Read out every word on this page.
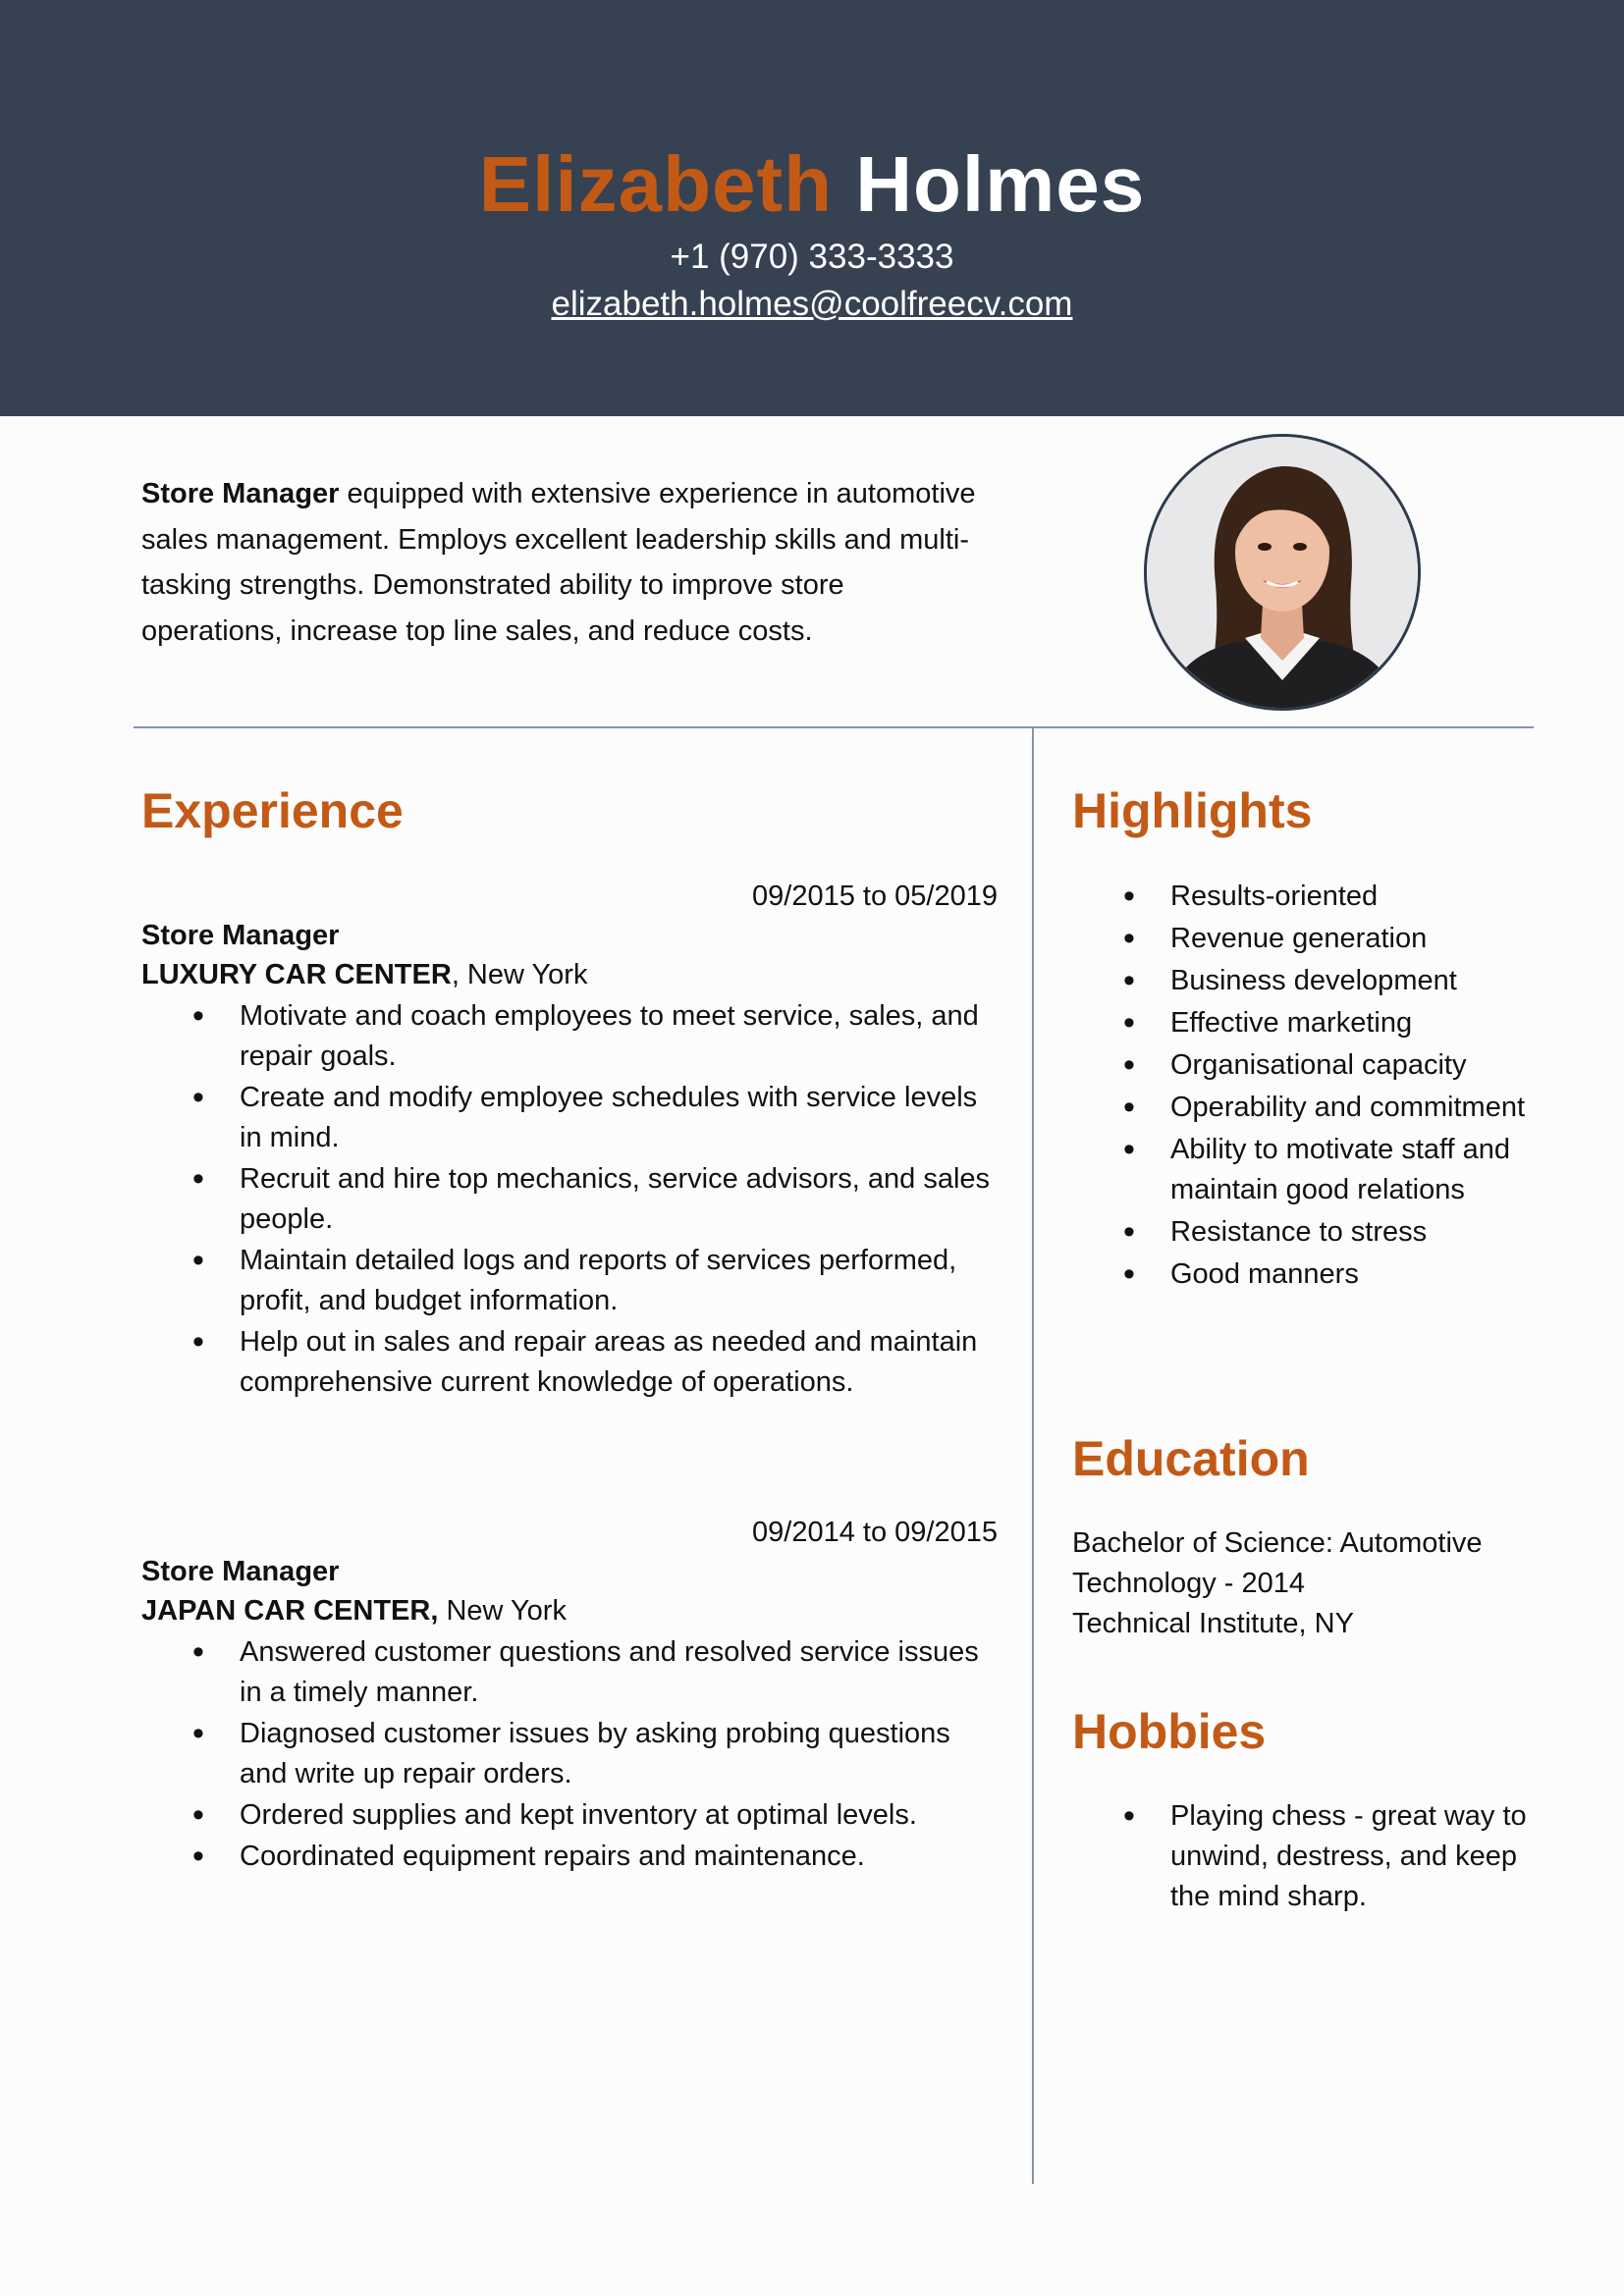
Elizabeth Holmes
+1 (970) 333-3333
elizabeth.holmes@coolfreecv.com
Store Manager equipped with extensive experience in automotive sales management. Employs excellent leadership skills and multi-tasking strengths. Demonstrated ability to improve store operations, increase top line sales, and reduce costs.
Experience
09/2015 to 05/2019
Store Manager
LUXURY CAR CENTER, New York
• Motivate and coach employees to meet service, sales, and repair goals.
• Create and modify employee schedules with service levels in mind.
• Recruit and hire top mechanics, service advisors, and sales people.
• Maintain detailed logs and reports of services performed, profit, and budget information.
• Help out in sales and repair areas as needed and maintain comprehensive current knowledge of operations.
09/2014 to 09/2015
Store Manager
JAPAN CAR CENTER, New York
• Answered customer questions and resolved service issues in a timely manner.
• Diagnosed customer issues by asking probing questions and write up repair orders.
• Ordered supplies and kept inventory at optimal levels.
• Coordinated equipment repairs and maintenance.
Highlights
• Results-oriented
• Revenue generation
• Business development
• Effective marketing
• Organisational capacity
• Operability and commitment
• Ability to motivate staff and maintain good relations
• Resistance to stress
• Good manners
Education
Bachelor of Science: Automotive Technology - 2014
Technical Institute, NY
Hobbies
• Playing chess - great way to unwind, destress, and keep the mind sharp.
